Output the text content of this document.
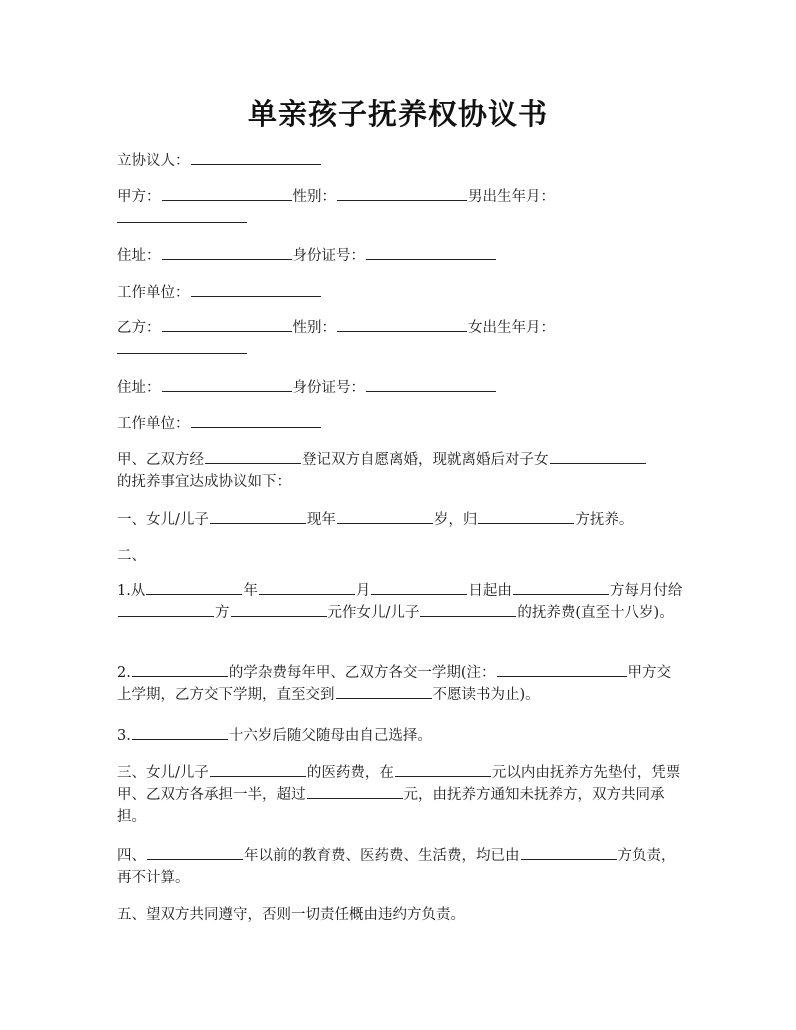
单亲孩子抚养权协议书
立协议人：
甲方：	性别：	男出生年月：

住址：	身份证号：
工作单位：
乙方：	性别：	女出生年月：

住址：	身份证号：
工作单位：
甲、乙双方经	登记双方自愿离婚，现就离婚后对子女
的抚养事宜达成协议如下：
一、女儿/儿子	现年	岁，归	方抚养。
二、
1.从	年	月	日起由	方每月付给方	元作女儿/儿子	的抚养费(直至十八岁)。
2.	的学杂费每年甲、乙双方各交一学期(注：	甲方交上学期，乙方交下学期，直至交到	不愿读书为止)。
3.	十六岁后随父随母由自己选择。
三、女儿/儿子	的医药费，在	元以内由抚养方先垫付，凭票甲、乙双方各承担一半，超过	元，由抚养方通知未抚养方，双方共同承担。
四、	年以前的教育费、医药费、生活费，均已由	方负责，再不计算。
五、望双方共同遵守，否则一切责任概由违约方负责。
